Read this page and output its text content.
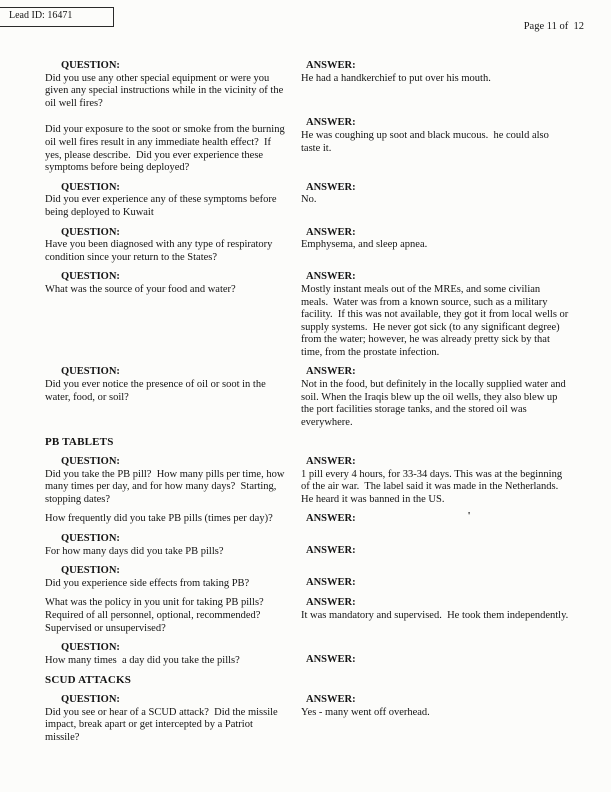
Lead ID: 16471
Page 11 of  12
QUESTION:
Did you use any other special equipment or were you given any special instructions while in the vicinity of the oil well fires?
ANSWER:
He had a handkerchief to put over his mouth.
Did your exposure to the soot or smoke from the burning oil well fires result in any immediate health effect?  If yes, please describe.  Did you ever experience these symptoms before being deployed?
ANSWER:
He was coughing up soot and black mucous.  he could also taste it.
QUESTION:
Did you ever experience any of these symptoms before being deployed to Kuwait
ANSWER:
No.
QUESTION:
Have you been diagnosed with any type of respiratory condition since your return to the States?
ANSWER:
Emphysema, and sleep apnea.
QUESTION:
What was the source of your food and water?
ANSWER:
Mostly instant meals out of the MREs, and some civilian meals.  Water was from a known source, such as a military facility.  If this was not available, they got it from local wells or supply systems.  He never got sick (to any significant degree) from the water; however, he was already pretty sick by that time, from the prostate infection.
QUESTION:
Did you ever notice the presence of oil or soot in the water, food, or soil?
ANSWER:
Not in the food, but definitely in the locally supplied water and soil. When the Iraqis blew up the oil wells, they also blew up the port facilities storage tanks, and the stored oil was everywhere.
PB TABLETS
QUESTION:
Did you take the PB pill?  How many pills per time, how many times per day, and for how many days?  Starting, stopping dates?
ANSWER:
1 pill every 4 hours, for 33-34 days. This was at the beginning of the air war.  The label said it was made in the Netherlands.  He heard it was banned in the US.
How frequently did you take PB pills (times per day)?	ANSWER:	'
QUESTION:
For how many days did you take PB pills?	ANSWER:
QUESTION:
Did you experience side effects from taking PB?	ANSWER:
What was the policy in you unit for taking PB pills? Required of all personnel, optional, recommended? Supervised or unsupervised?
ANSWER:
It was mandatory and supervised.  He took them independently.
QUESTION:
How many times  a day did you take the pills?	ANSWER:
SCUD ATTACKS
QUESTION:
Did you see or hear of a SCUD attack?  Did the missile impact, break apart or get intercepted by a Patriot missile?
ANSWER:
Yes - many went off overhead.
